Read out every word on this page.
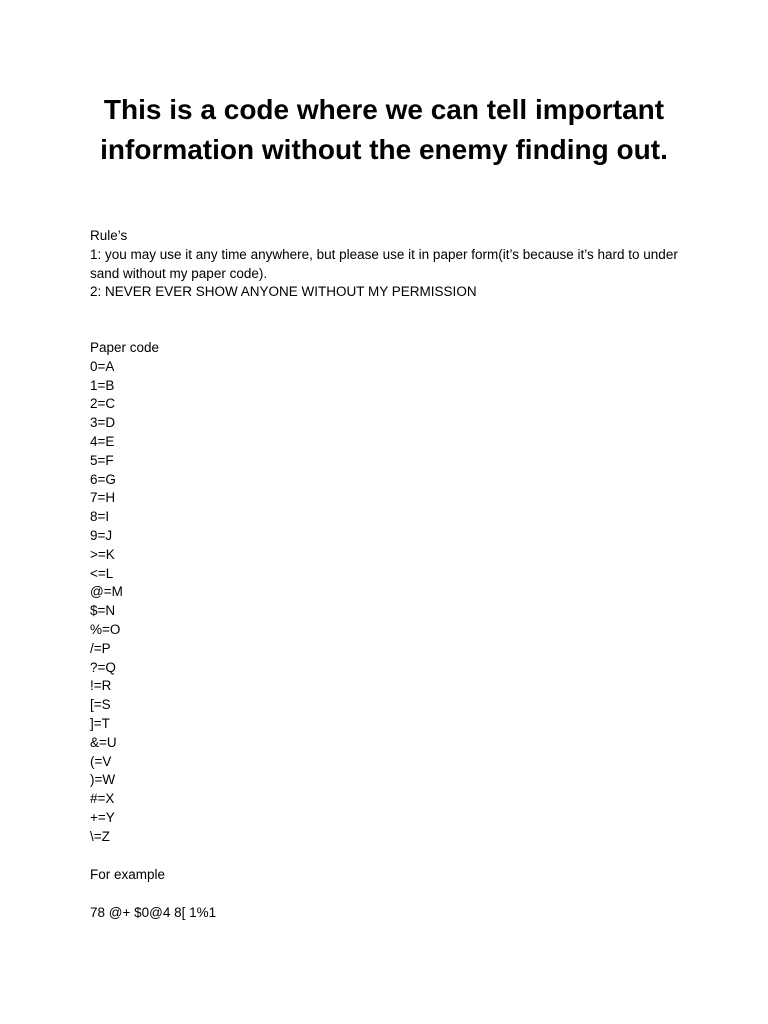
This is a code where we can tell important information without the enemy finding out.
Rule’s
1: you may use it any time anywhere, but please use it in paper form(it’s because it’s hard to under sand without my paper code).
2: NEVER EVER SHOW ANYONE WITHOUT MY PERMISSION
Paper code
0=A
1=B
2=C
3=D
4=E
5=F
6=G
7=H
8=I
9=J
>=K
<=L
@=M
$=N
%=O
/=P
?=Q
!=R
[=S
]=T
&=U
(=V
)=W
#=X
+=Y
\=Z
For example
78 @+ $0@4 8[ 1%1
